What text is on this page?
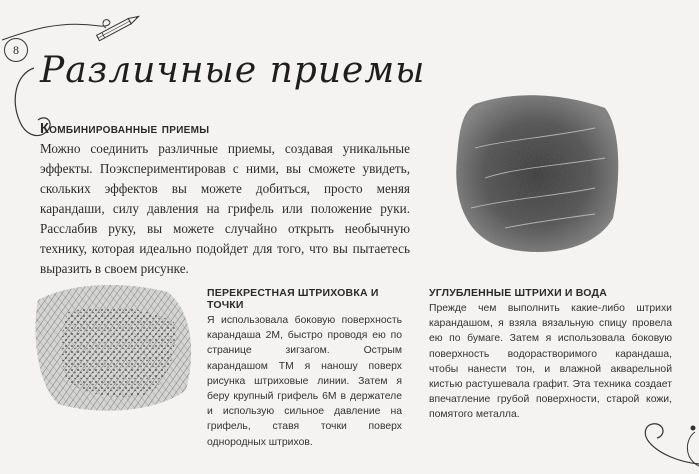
8 Различные приемы
Комбинированные приемы

Можно соединить различные приемы, создавая уникальные эффекты. Поэкспериментировав с ними, вы сможете увидеть, скольких эффектов вы можете добиться, просто меняя карандаши, силу давления на грифель или положение руки. Расслабив руку, вы можете случайно открыть необычную технику, которая идеально подойдет для того, что вы пытаетесь выразить в своем рисунке.

ПЕРЕКРЕСТНАЯ ШТРИХОВКА И ТОЧКИ

Я использовала боковую поверхность карандаша 2М, быстро проводя ею по странице зигзагом. Острым карандашом ТМ я наношу поверх рисунка штриховые линии. Затем я беру крупный грифель 6М в держателе и использую сильное давление на грифель, ставя точки поверх однородных штрихов.

УГЛУБЛЕННЫЕ ШТРИХИ И ВОДА

Прежде чем выполнить какие-либо штрихи карандашом, я взяла вязальную спицу провела ею по бумаге. Затем я использовала боковую поверхность водорастворимого карандаша, чтобы нанести тон, и влажной акварельной кистью растушевала графит. Эта техника создает впечатление грубой поверхности, старой кожи, помятого металла.
